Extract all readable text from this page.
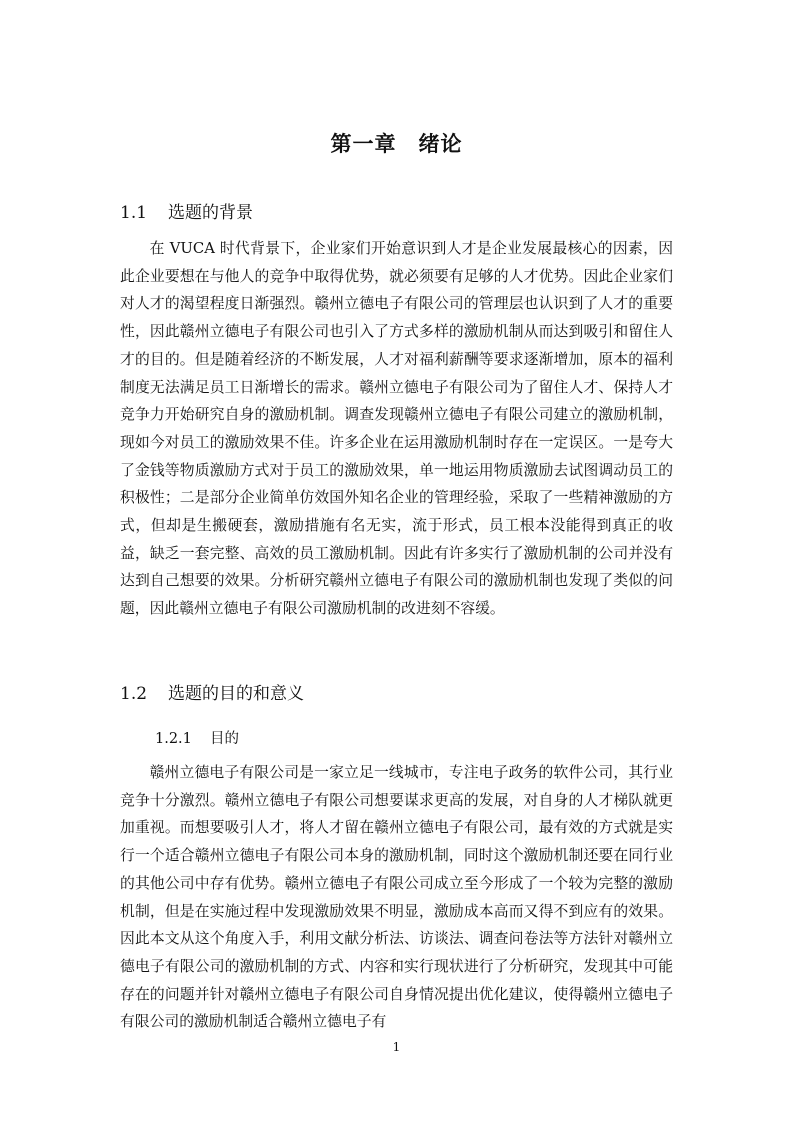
第一章 绪论
1.1 选题的背景

在 VUCA 时代背景下，企业家们开始意识到人才是企业发展最核心的因素，因此企业要想在与他人的竞争中取得优势，就必须要有足够的人才优势。因此企业家们对人才的渴望程度日渐强烈。赣州立德电子有限公司的管理层也认识到了人才的重要性，因此赣州立德电子有限公司也引入了方式多样的激励机制从而达到吸引和留住人才的目的。但是随着经济的不断发展，人才对福利薪酬等要求逐渐增加，原本的福利制度无法满足员工日渐增长的需求。赣州立德电子有限公司为了留住人才、保持人才竞争力开始研究自身的激励机制。调查发现赣州立德电子有限公司建立的激励机制，现如今对员工的激励效果不佳。许多企业在运用激励机制时存在一定误区。一是夸大了金钱等物质激励方式对于员工的激励效果，单一地运用物质激励去试图调动员工的积极性；二是部分企业简单仿效国外知名企业的管理经验，采取了一些精神激励的方式，但却是生搬硬套，激励措施有名无实，流于形式，员工根本没能得到真正的收益，缺乏一套完整、高效的员工激励机制。因此有许多实行了激励机制的公司并没有达到自己想要的效果。分析研究赣州立德电子有限公司的激励机制也发现了类似的问题，因此赣州立德电子有限公司激励机制的改进刻不容缓。

1.2 选题的目的和意义
1.2.1 目的

赣州立德电子有限公司是一家立足一线城市，专注电子政务的软件公司，其行业竞争十分激烈。赣州立德电子有限公司想要谋求更高的发展，对自身的人才梯队就更加重视。而想要吸引人才，将人才留在赣州立德电子有限公司，最有效的方式就是实行一个适合赣州立德电子有限公司本身的激励机制，同时这个激励机制还要在同行业的其他公司中存有优势。赣州立德电子有限公司成立至今形成了一个较为完整的激励机制，但是在实施过程中发现激励效果不明显，激励成本高而又得不到应有的效果。因此本文从这个角度入手，利用文献分析法、访谈法、调查问卷法等方法针对赣州立德电子有限公司的激励机制的方式、内容和实行现状进行了分析研究，发现其中可能存在的问题并针对赣州立德电子有限公司自身情况提出优化建议，使得赣州立德电子有限公司的激励机制适合赣州立德电子有

1
